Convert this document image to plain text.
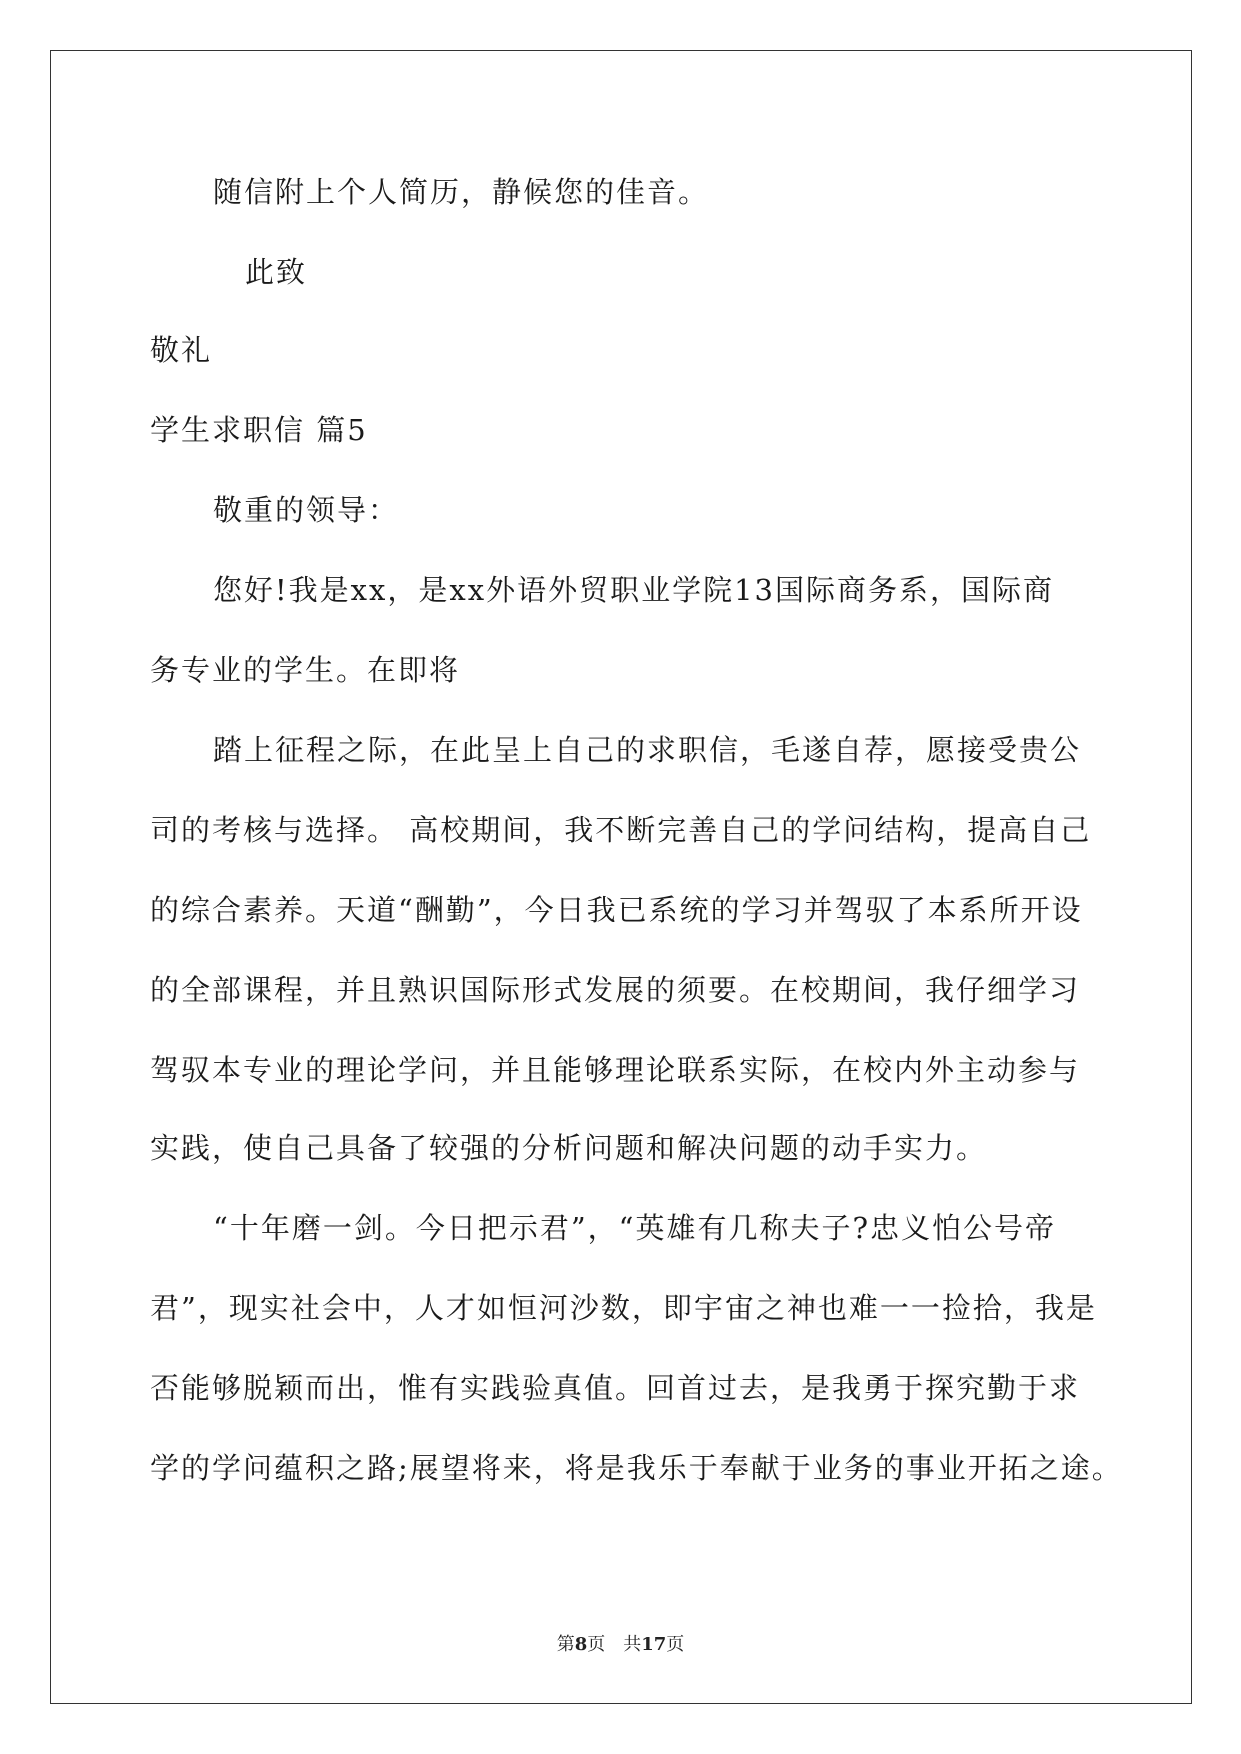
随信附上个人简历，静候您的佳音。
此致
敬礼
学生求职信 篇5
敬重的领导：
您好!我是xx，是xx外语外贸职业学院13国际商务系，国际商
务专业的学生。在即将
踏上征程之际，在此呈上自己的求职信，毛遂自荐，愿接受贵公
司的考核与选择。 高校期间，我不断完善自己的学问结构，提高自己
的综合素养。天道“酬勤”，今日我已系统的学习并驾驭了本系所开设
的全部课程，并且熟识国际形式发展的须要。在校期间，我仔细学习
驾驭本专业的理论学问，并且能够理论联系实际，在校内外主动参与
实践，使自己具备了较强的分析问题和解决问题的动手实力。
“十年磨一剑。今日把示君”，“英雄有几称夫子?忠义怕公号帝
君”，现实社会中，人才如恒河沙数，即宇宙之神也难一一捡拾，我是
否能够脱颖而出，惟有实践验真值。回首过去，是我勇于探究勤于求
学的学问蕴积之路;展望将来，将是我乐于奉献于业务的事业开拓之途。
第8页　共17页
